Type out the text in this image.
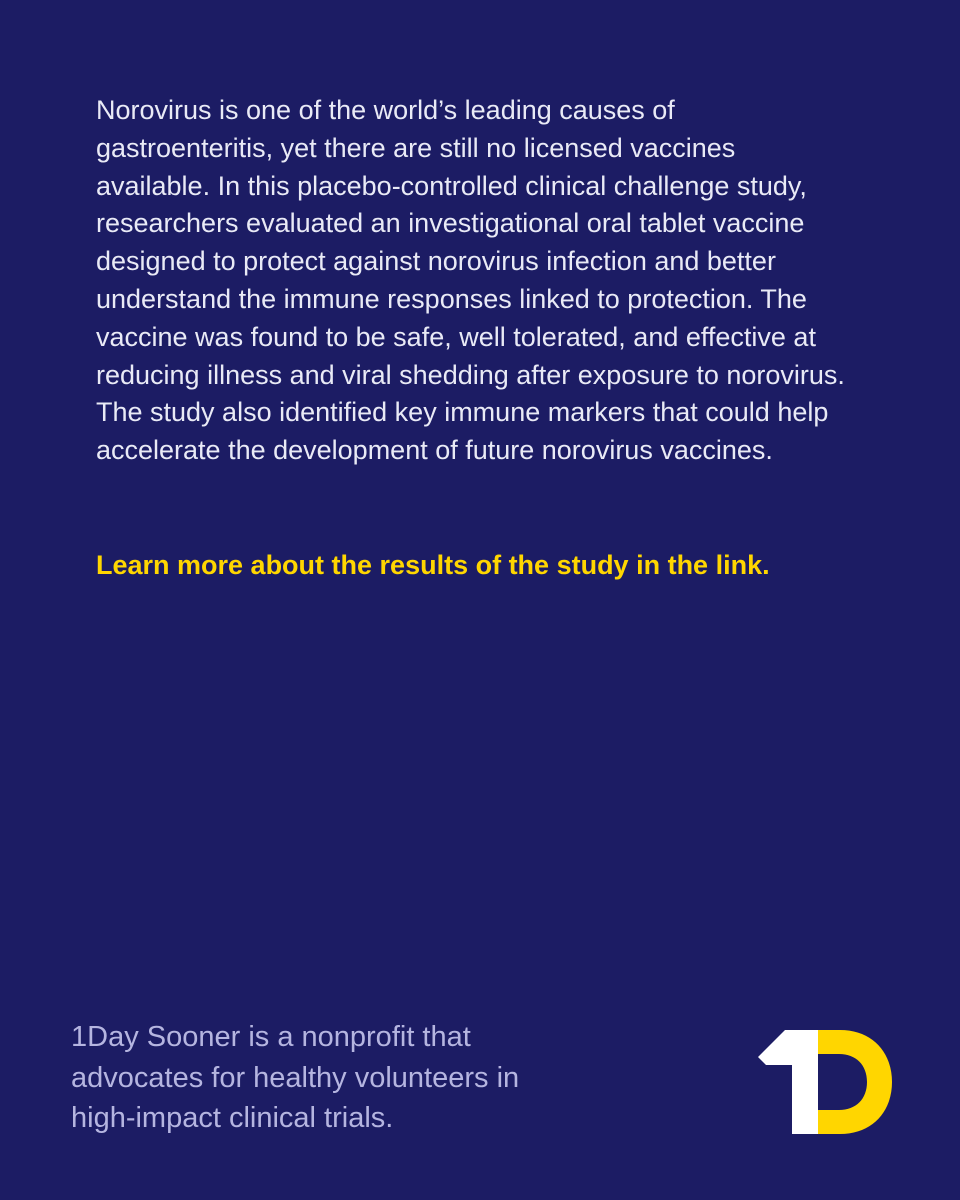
Norovirus is one of the world’s leading causes of gastroenteritis, yet there are still no licensed vaccines available. In this placebo-controlled clinical challenge study, researchers evaluated an investigational oral tablet vaccine designed to protect against norovirus infection and better understand the immune responses linked to protection. The vaccine was found to be safe, well tolerated, and effective at reducing illness and viral shedding after exposure to norovirus. The study also identified key immune markers that could help accelerate the development of future norovirus vaccines.

Learn more about the results of the study in the link.

1Day Sooner is a nonprofit that advocates for healthy volunteers in high-impact clinical trials.
